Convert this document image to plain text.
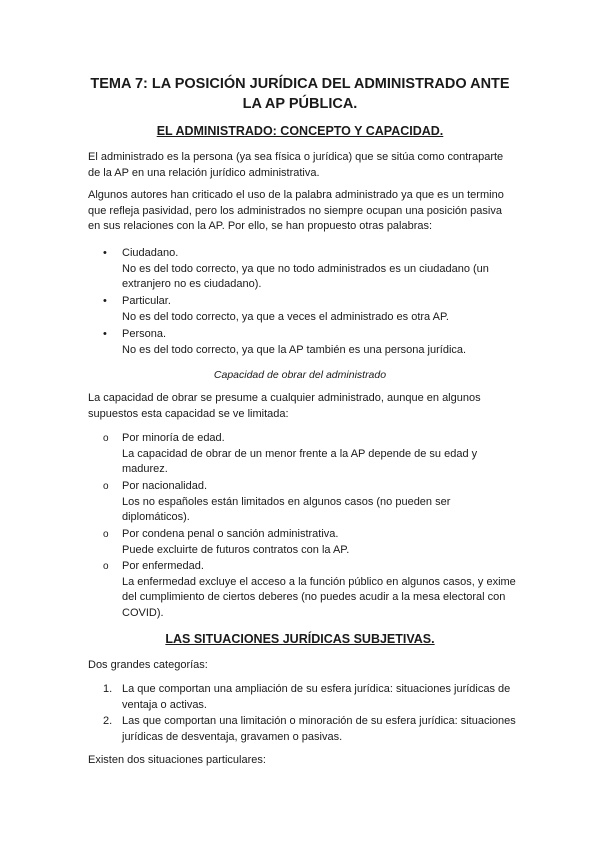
TEMA 7: LA POSICIÓN JURÍDICA DEL ADMINISTRADO ANTE LA AP PÚBLICA.
EL ADMINISTRADO: CONCEPTO Y CAPACIDAD.

El administrado es la persona (ya sea física o jurídica) que se sitúa como contraparte de la AP en una relación jurídico administrativa.

Algunos autores han criticado el uso de la palabra administrado ya que es un termino que refleja pasividad, pero los administrados no siempre ocupan una posición pasiva en sus relaciones con la AP. Por ello, se han propuesto otras palabras:

• Ciudadano.
No es del todo correcto, ya que no todo administrados es un ciudadano (un extranjero no es ciudadano).
• Particular.
No es del todo correcto, ya que a veces el administrado es otra AP.
• Persona.
No es del todo correcto, ya que la AP también es una persona jurídica.

Capacidad de obrar del administrado

La capacidad de obrar se presume a cualquier administrado, aunque en algunos supuestos esta capacidad se ve limitada:

o Por minoría de edad.
La capacidad de obrar de un menor frente a la AP depende de su edad y madurez.
o Por nacionalidad.
Los no españoles están limitados en algunos casos (no pueden ser diplomáticos).
o Por condena penal o sanción administrativa.
Puede excluirte de futuros contratos con la AP.
o Por enfermedad.
La enfermedad excluye el acceso a la función público en algunos casos, y exime del cumplimiento de ciertos deberes (no puedes acudir a la mesa electoral con COVID).
LAS SITUACIONES JURÍDICAS SUBJETIVAS.

Dos grandes categorías:

1. La que comportan una ampliación de su esfera jurídica: situaciones jurídicas de ventaja o activas.
2. Las que comportan una limitación o minoración de su esfera jurídica: situaciones jurídicas de desventaja, gravamen o pasivas.

Existen dos situaciones particulares:
